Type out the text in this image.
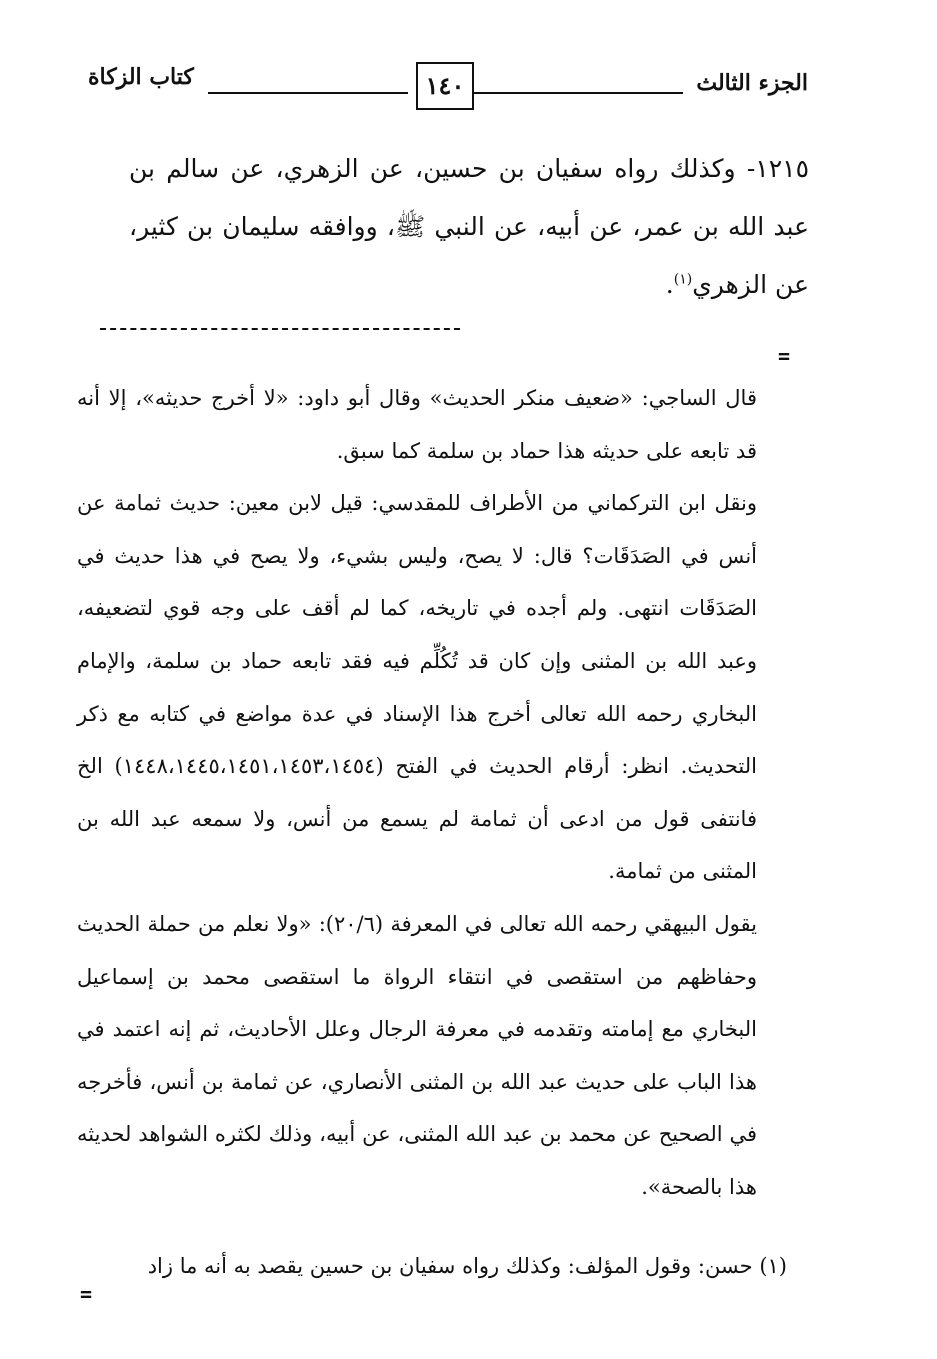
الجزء الثالث
١٤٠
كتاب الزكاة

١٢١٥- وكذلك رواه سفيان بن حسين، عن الزهري، عن سالم بن عبد الله بن عمر، عن أبيه، عن النبي ﷺ، ووافقه سليمان بن كثير، عن الزهري$^{(١)}$.

=

قال الساجي: «ضعيف منكر الحديث» وقال أبو داود: «لا أخرج حديثه»، إلا أنه قد تابعه على حديثه هذا حماد بن سلمة كما سبق.

ونقل ابن التركماني من الأطراف للمقدسي: قيل لابن معين: حديث ثمامة عن أنس في الصَدَقَات؟ قال: لا يصح، وليس بشيء، ولا يصح في هذا حديث في الصَدَقَات انتهى. ولم أجده في تاريخه، كما لم أقف على وجه قوي لتضعيفه، وعبد الله بن المثنى وإن كان قد تُكُلِّم فيه فقد تابعه حماد بن سلمة، والإمام البخاري رحمه الله تعالى أخرج هذا الإسناد في عدة مواضع في كتابه مع ذكر التحديث. انظر: أرقام الحديث في الفتح (١٤٤٨،١٤٤٥،١٤٥١،١٤٥٣،١٤٥٤) الخ فانتفى قول من ادعى أن ثمامة لم يسمع من أنس، ولا سمعه عبد الله بن المثنى من ثمامة.

يقول البيهقي رحمه الله تعالى في المعرفة (٢٠/٦): «ولا نعلم من حملة الحديث وحفاظهم من استقصى في انتقاء الرواة ما استقصى محمد بن إسماعيل البخاري مع إمامته وتقدمه في معرفة الرجال وعلل الأحاديث، ثم إنه اعتمد في هذا الباب على حديث عبد الله بن المثنى الأنصاري، عن ثمامة بن أنس، فأخرجه في الصحيح عن محمد بن عبد الله المثنى، عن أبيه، وذلك لكثره الشواهد لحديثه هذا بالصحة».

(١) حسن: وقول المؤلف: وكذلك رواه سفيان بن حسين يقصد به أنه ما زاد
=
